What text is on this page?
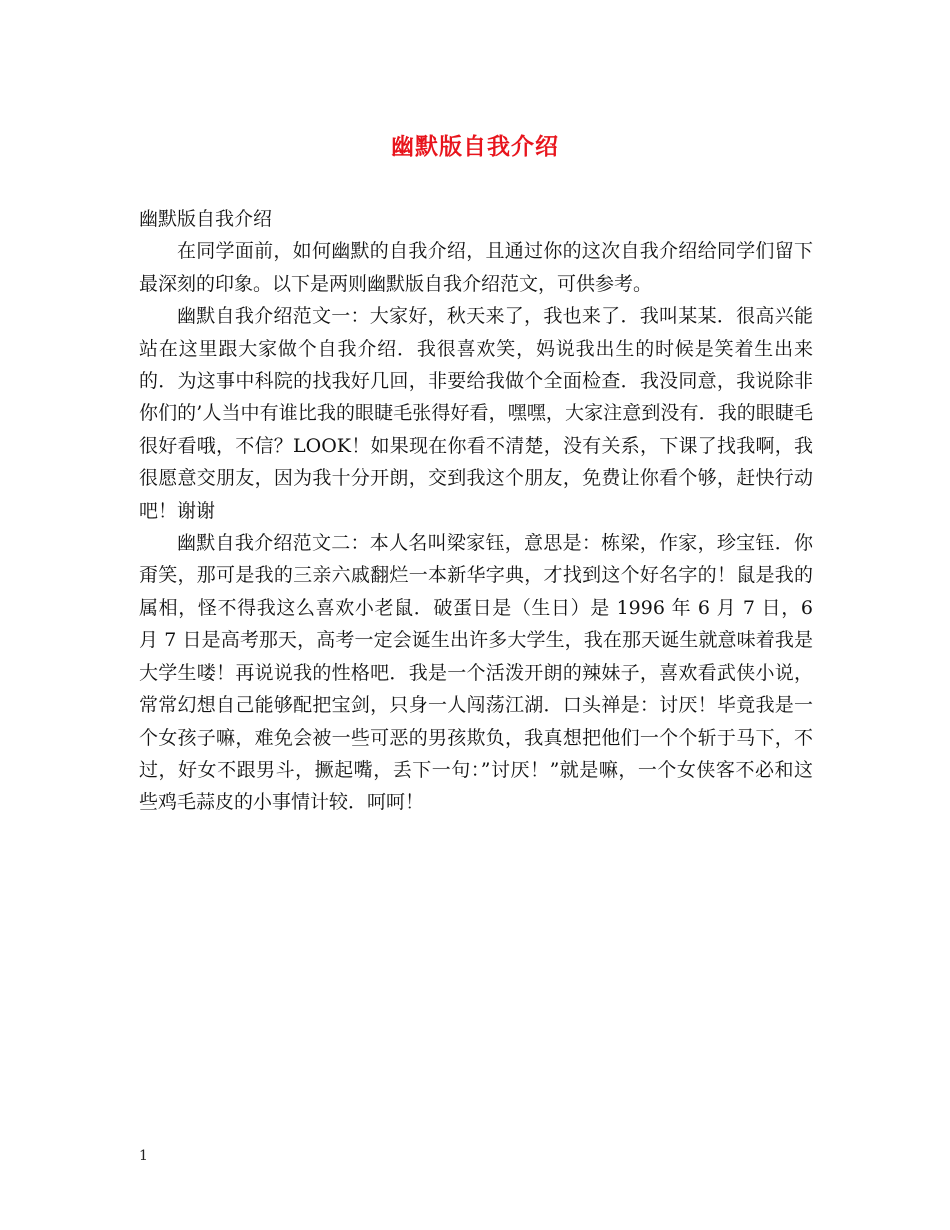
幽默版自我介绍

幽默版自我介绍

在同学面前，如何幽默的自我介绍，且通过你的这次自我介绍给同学们留下最深刻的印象。以下是两则幽默版自我介绍范文，可供参考。

幽默自我介绍范文一：大家好，秋天来了，我也来了．我叫某某．很高兴能站在这里跟大家做个自我介绍．我很喜欢笑，妈说我出生的时候是笑着生出来的．为这事中科院的找我好几回，非要给我做个全面检查．我没同意，我说除非你们的’人当中有谁比我的眼睫毛张得好看，嘿嘿，大家注意到没有．我的眼睫毛很好看哦，不信？LOOK！如果现在你看不清楚，没有关系，下课了找我啊，我很愿意交朋友，因为我十分开朗，交到我这个朋友，免费让你看个够，赶快行动吧！谢谢

幽默自我介绍范文二：本人名叫梁家钰，意思是：栋梁，作家，珍宝钰．你甭笑，那可是我的三亲六戚翻烂一本新华字典，才找到这个好名字的！鼠是我的属相，怪不得我这么喜欢小老鼠．破蛋日是（生日）是 1996 年 6 月 7 日，6 月 7 日是高考那天，高考一定会诞生出许多大学生，我在那天诞生就意味着我是大学生喽！再说说我的性格吧．我是一个活泼开朗的辣妹子，喜欢看武侠小说，常常幻想自己能够配把宝剑，只身一人闯荡江湖．口头禅是：讨厌！毕竟我是一个女孩子嘛，难免会被一些可恶的男孩欺负，我真想把他们一个个斩于马下，不过，好女不跟男斗，撅起嘴，丢下一句：”讨厌！”就是嘛，一个女侠客不必和这些鸡毛蒜皮的小事情计较．呵呵！

1
